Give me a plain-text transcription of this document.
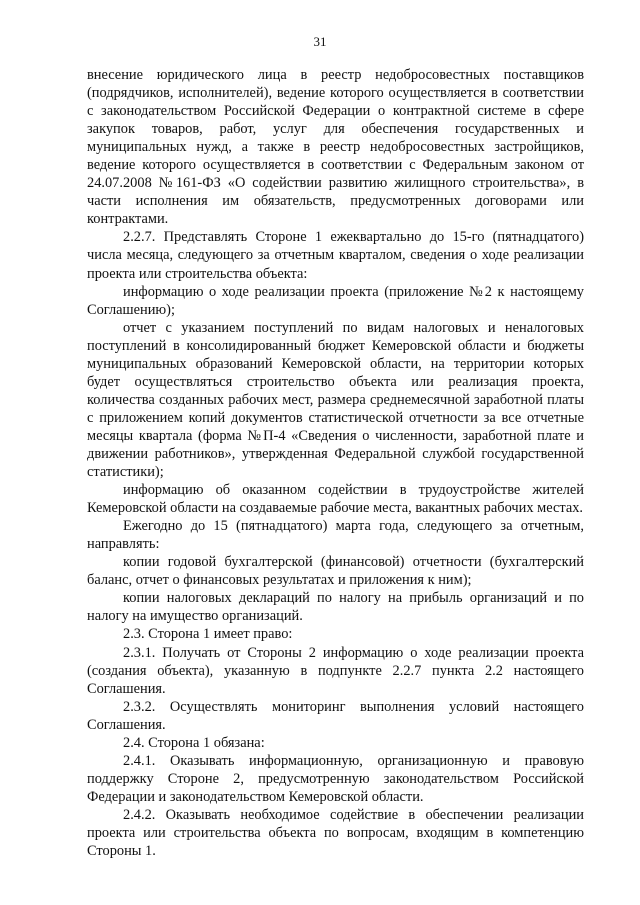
31

внесение юридического лица в реестр недобросовестных поставщиков (подрядчиков, исполнителей), ведение которого осуществляется в соответствии с законодательством Российской Федерации о контрактной системе в сфере закупок товаров, работ, услуг для обеспечения государственных и муниципальных нужд, а также в реестр недобросовестных застройщиков, ведение которого осуществляется в соответствии с Федеральным законом от 24.07.2008 №161-ФЗ «О содействии развитию жилищного строительства», в части исполнения им обязательств, предусмотренных договорами или контрактами.

2.2.7. Представлять Стороне 1 ежеквартально до 15-го (пятнадцатого) числа месяца, следующего за отчетным кварталом, сведения о ходе реализации проекта или строительства объекта:

информацию о ходе реализации проекта (приложение №2 к настоящему Соглашению);

отчет с указанием поступлений по видам налоговых и неналоговых поступлений в консолидированный бюджет Кемеровской области и бюджеты муниципальных образований Кемеровской области, на территории которых будет осуществляться строительство объекта или реализация проекта, количества созданных рабочих мест, размера среднемесячной заработной платы с приложением копий документов статистической отчетности за все отчетные месяцы квартала (форма №П-4 «Сведения о численности, заработной плате и движении работников», утвержденная Федеральной службой государственной статистики);

информацию об оказанном содействии в трудоустройстве жителей Кемеровской области на создаваемые рабочие места, вакантных рабочих местах.

Ежегодно до 15 (пятнадцатого) марта года, следующего за отчетным, направлять:

копии годовой бухгалтерской (финансовой) отчетности (бухгалтерский баланс, отчет о финансовых результатах и приложения к ним);

копии налоговых деклараций по налогу на прибыль организаций и по налогу на имущество организаций.

2.3. Сторона 1 имеет право:

2.3.1. Получать от Стороны 2 информацию о ходе реализации проекта (создания объекта), указанную в подпункте 2.2.7 пункта 2.2 настоящего Соглашения.

2.3.2. Осуществлять мониторинг выполнения условий настоящего Соглашения.

2.4. Сторона 1 обязана:

2.4.1. Оказывать информационную, организационную и правовую поддержку Стороне 2, предусмотренную законодательством Российской Федерации и законодательством Кемеровской области.

2.4.2. Оказывать необходимое содействие в обеспечении реализации проекта или строительства объекта по вопросам, входящим в компетенцию Стороны 1.
